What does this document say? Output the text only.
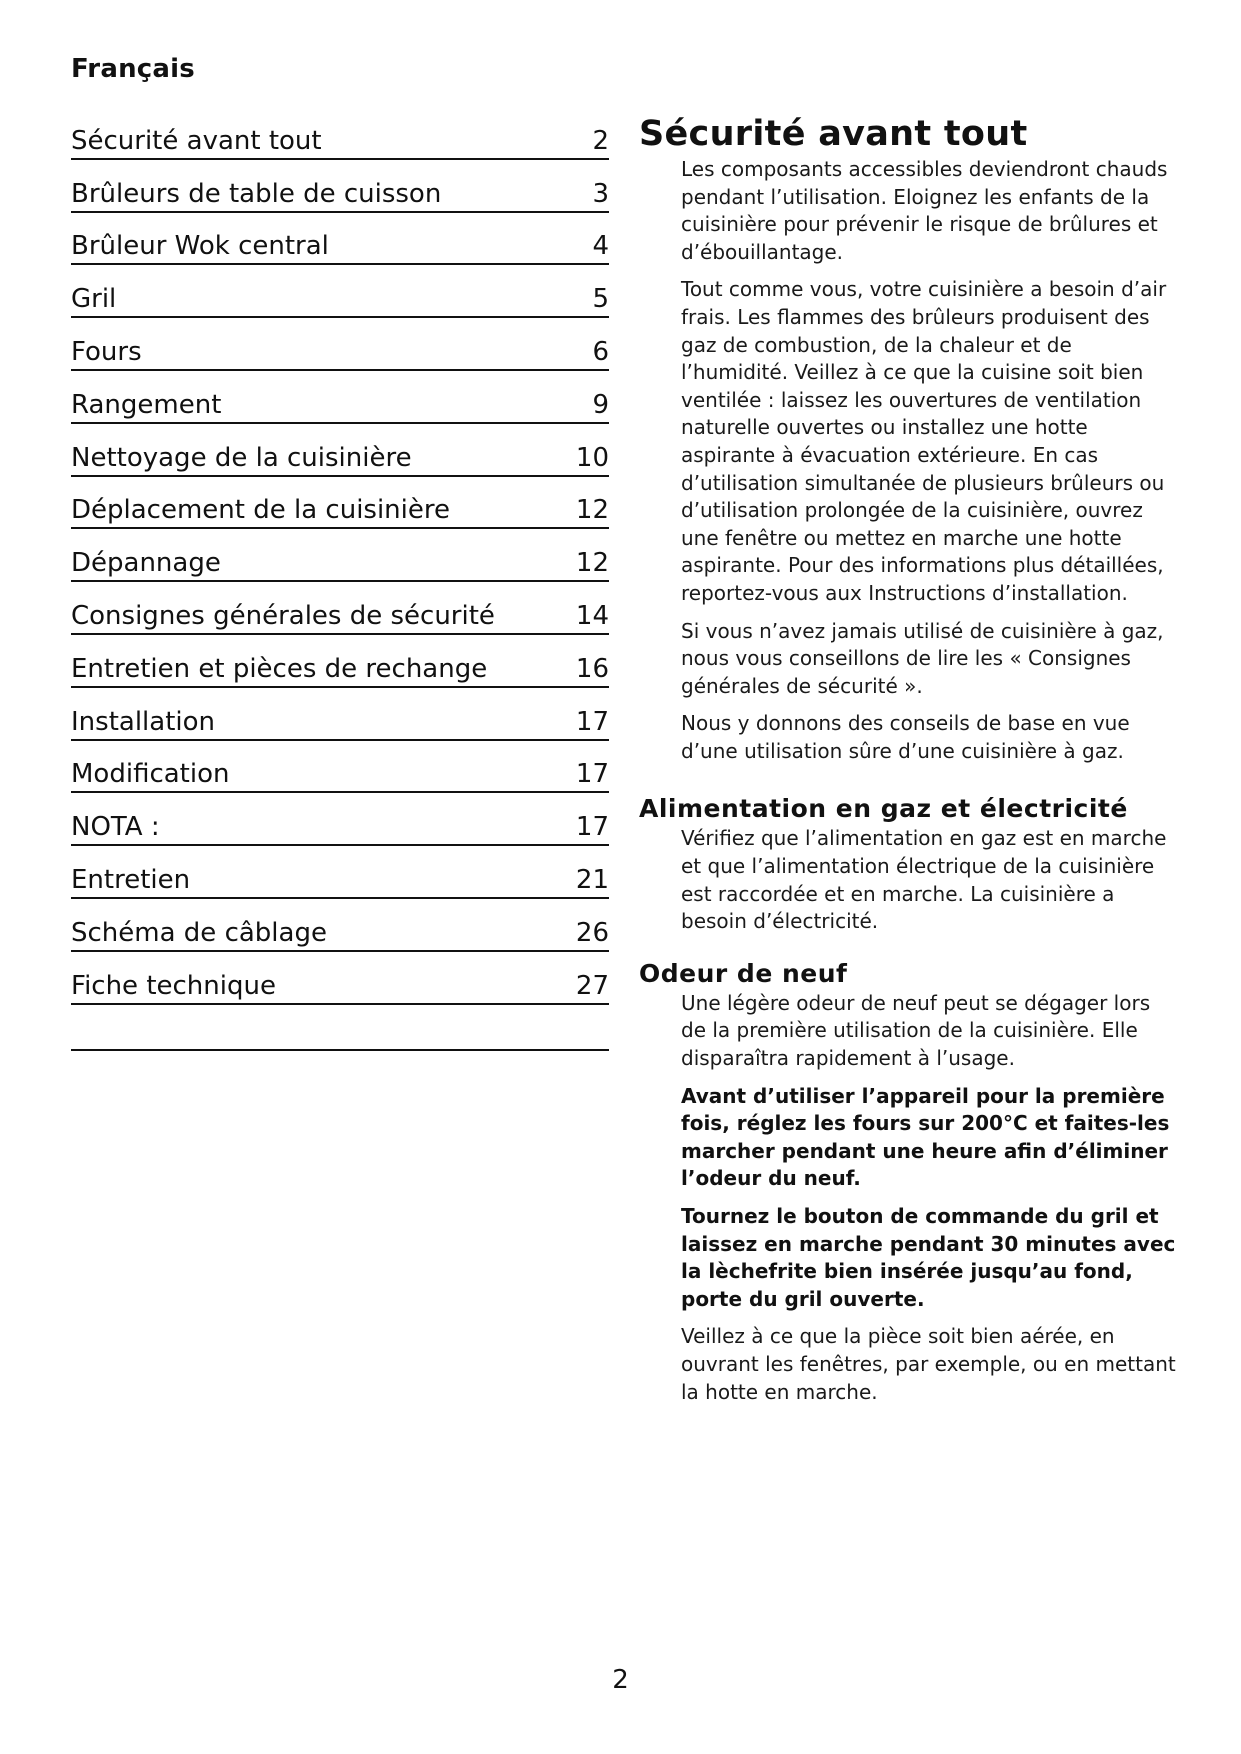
Français
Sécurité avant tout	2
Brûleurs de table de cuisson	3
Brûleur Wok central	4
Gril	5
Fours	6
Rangement	9
Nettoyage de la cuisinière	10
Déplacement de la cuisinière	12
Dépannage	12
Consignes générales de sécurité	14
Entretien et pièces de rechange	16
Installation	17
Modification	17
NOTA :	17
Entretien	21
Schéma de câblage	26
Fiche technique	27
Sécurité avant tout

Les composants accessibles deviendront chauds pendant l’utilisation. Eloignez les enfants de la cuisinière pour prévenir le risque de brûlures et d’ébouillantage.

Tout comme vous, votre cuisinière a besoin d’air frais. Les flammes des brûleurs produisent des gaz de combustion, de la chaleur et de l’humidité. Veillez à ce que la cuisine soit bien ventilée : laissez les ouvertures de ventilation naturelle ouvertes ou installez une hotte aspirante à évacuation extérieure. En cas d’utilisation simultanée de plusieurs brûleurs ou d’utilisation prolongée de la cuisinière, ouvrez une fenêtre ou mettez en marche une hotte aspirante. Pour des informations plus détaillées, reportez-vous aux Instructions d’installation.

Si vous n’avez jamais utilisé de cuisinière à gaz, nous vous conseillons de lire les « Consignes générales de sécurité ».

Nous y donnons des conseils de base en vue d’une utilisation sûre d’une cuisinière à gaz.

Alimentation en gaz et électricité

Vérifiez que l’alimentation en gaz est en marche et que l’alimentation électrique de la cuisinière est raccordée et en marche. La cuisinière a besoin d’électricité.

Odeur de neuf

Une légère odeur de neuf peut se dégager lors de la première utilisation de la cuisinière. Elle disparaîtra rapidement à l’usage.

Avant d’utiliser l’appareil pour la première fois, réglez les fours sur 200°C et faites-les marcher pendant une heure afin d’éliminer l’odeur du neuf.

Tournez le bouton de commande du gril et laissez en marche pendant 30 minutes avec la lèchefrite bien insérée jusqu’au fond, porte du gril ouverte.

Veillez à ce que la pièce soit bien aérée, en ouvrant les fenêtres, par exemple, ou en mettant la hotte en marche.

2
